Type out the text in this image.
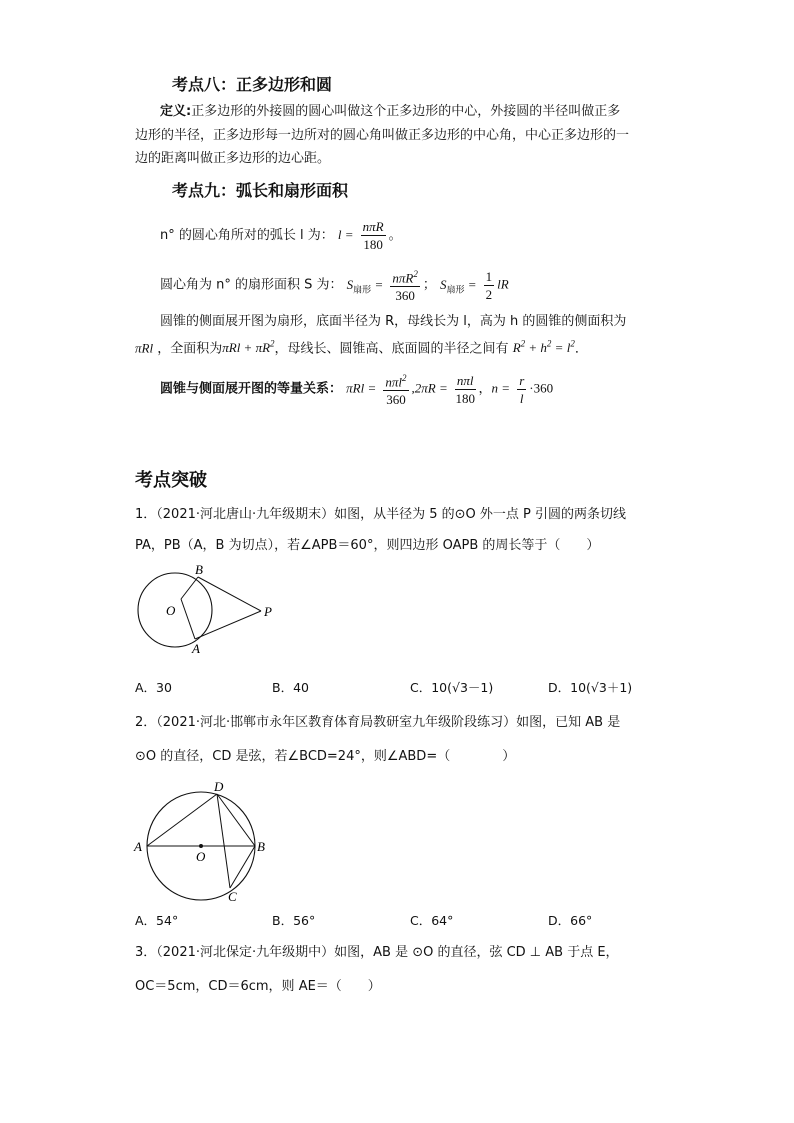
考点八：正多边形和圆
定义:正多边形的外接圆的圆心叫做这个正多边形的中心，外接圆的半径叫做正多
边形的半径，正多边形每一边所对的圆心角叫做正多边形的中心角，中心正多边形的一
边的距离叫做正多边形的边心距。
考点九：弧长和扇形面积
n° 的圆心角所对的弧长 l 为： $l = \frac{\text{nπR}}{180}$ 。
圆心角为 n° 的扇形面积 S 为： $S_{扇形} = \frac{n\pi R^2}{360}$ ； $S_{扇形} = \frac{1}{2}$ lR
圆锥的侧面展开图为扇形，底面半径为 R，母线长为 l，高为 h 的圆锥的侧面积为
πRl ，全面积为$\pi Rl + \pi R^2$，母线长、圆锥高、底面圆的半径之间有 $R^2 + h^2 = l^2$．
圆锥与侧面展开图的等量关系： $\pi Rl = \frac{n\pi l^2}{360} ,2\pi R = \frac{\text{nπl}}{180}$ ，$n = \frac{r}{l} \cdot 360$
考点突破
1．（2021·河北唐山·九年级期末）如图，从半径为 5 的⊙O 外一点 P 引圆的两条切线
PA，PB（A，B 为切点），若∠APB＝60°，则四边形 OAPB 的周长等于（　　）
B
O	P
A
A．30	B．40	C．10(√3－1)	D．10(√3＋1)
2．（2021·河北·邯郸市永年区教育体育局教研室九年级阶段练习）如图，已知 AB 是
⊙O 的直径，CD 是弦，若∠BCD=24°，则∠ABD=（　　　　）
D
A
O
B
C
A．54°	B．56°	C．64°	D．66°
3．（2021·河北保定·九年级期中）如图，AB 是 ⊙O 的直径，弦 CD ⊥ AB 于点 E，
OC＝5cm，CD＝6cm，则 AE＝（　　）
